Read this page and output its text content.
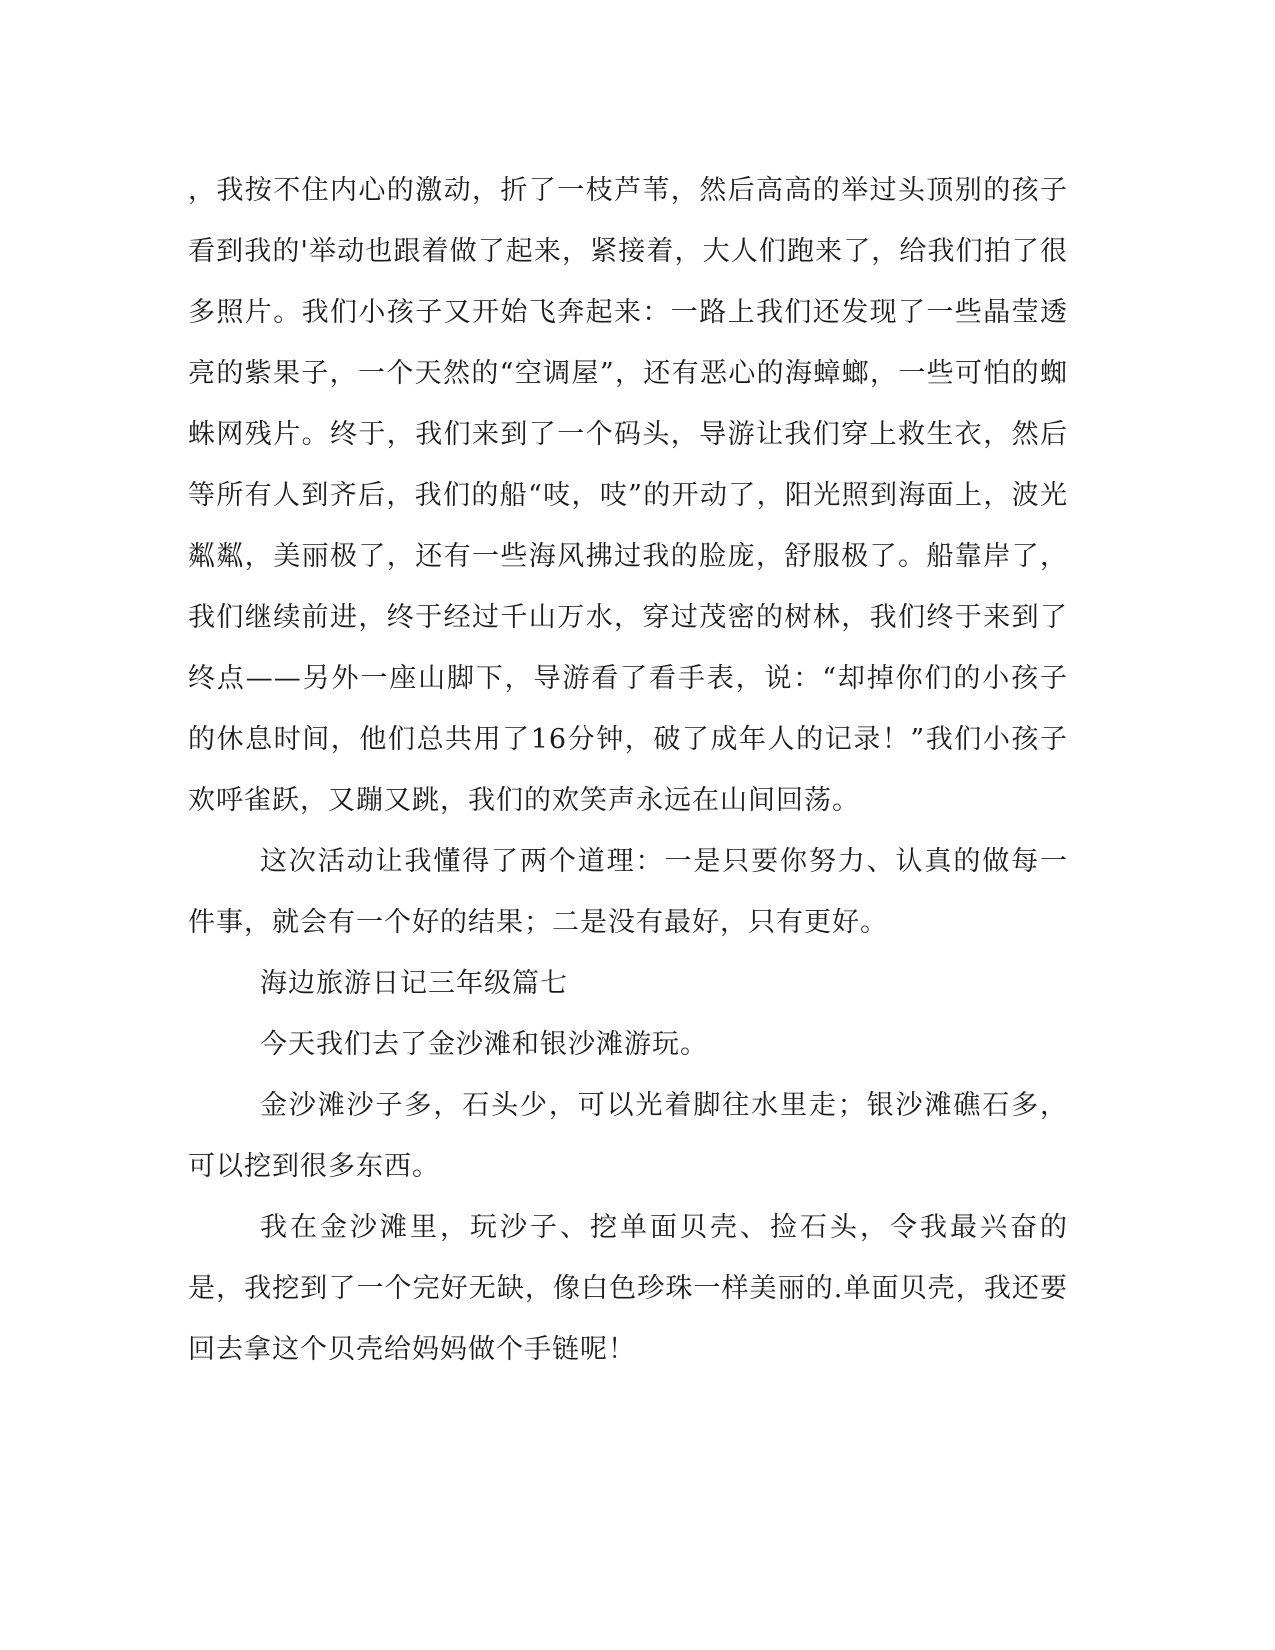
，我按不住内心的激动，折了一枝芦苇，然后高高的举过头顶别的孩子看到我的'举动也跟着做了起来，紧接着，大人们跑来了，给我们拍了很多照片。我们小孩子又开始飞奔起来：一路上我们还发现了一些晶莹透亮的紫果子，一个天然的“空调屋”，还有恶心的海蟑螂，一些可怕的蜘蛛网残片。终于，我们来到了一个码头，导游让我们穿上救生衣，然后等所有人到齐后，我们的船“吱，吱”的开动了，阳光照到海面上，波光粼粼，美丽极了，还有一些海风拂过我的脸庞，舒服极了。船靠岸了，我们继续前进，终于经过千山万水，穿过茂密的树林，我们终于来到了终点——另外一座山脚下，导游看了看手表，说：“却掉你们的小孩子的休息时间，他们总共用了16分钟，破了成年人的记录！”我们小孩子欢呼雀跃，又蹦又跳，我们的欢笑声永远在山间回荡。

这次活动让我懂得了两个道理：一是只要你努力、认真的做每一件事，就会有一个好的结果；二是没有最好，只有更好。

海边旅游日记三年级篇七

今天我们去了金沙滩和银沙滩游玩。

金沙滩沙子多，石头少，可以光着脚往水里走；银沙滩礁石多，可以挖到很多东西。

我在金沙滩里，玩沙子、挖单面贝壳、捡石头，令我最兴奋的是，我挖到了一个完好无缺，像白色珍珠一样美丽的.单面贝壳，我还要回去拿这个贝壳给妈妈做个手链呢！
